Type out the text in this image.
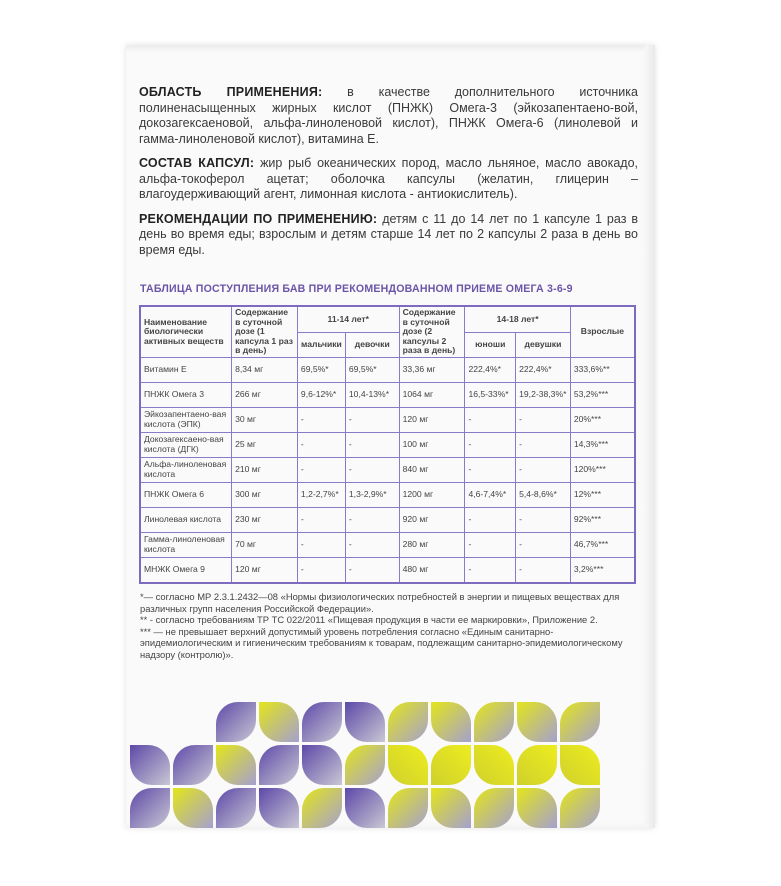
ОБЛАСТЬ ПРИМЕНЕНИЯ: в качестве дополнительного источника полиненасыщенных жирных кислот (ПНЖК) Омега-3 (эйкозапентаено-вой, докозагексаеновой, альфа-линоленовой кислот), ПНЖК Омега-6 (линолевой и гамма-линоленовой кислот), витамина Е.

СОСТАВ КАПСУЛ: жир рыб океанических пород, масло льняное, масло авокадо, альфа-токоферол ацетат; оболочка капсулы (желатин, глицерин – влагоудерживающий агент, лимонная кислота - антиокислитель).

РЕКОМЕНДАЦИИ ПО ПРИМЕНЕНИЮ: детям с 11 до 14 лет по 1 капсуле 1 раз в день во время еды; взрослым и детям старше 14 лет по 2 капсулы 2 раза в день во время еды.

ТАБЛИЦА ПОСТУПЛЕНИЯ БАВ ПРИ РЕКОМЕНДОВАННОМ ПРИЕМЕ ОМЕГА 3-6-9
Наименование биологически активных веществ	Содержание в суточной дозе (1 капсула 1 раз в день)	11-14 лет*		Содержание в суточной дозе (2 капсулы 2 раза в день)	14-18 лет*		Взрослые
		мальчики	девочки		юноши	девушки	
Витамин Е	8,34 мг	69,5%*	69,5%*	33,36 мг	222,4%*	222,4%*	333,6%**
ПНЖК Омега 3	266 мг	9,6-12%*	10,4-13%*	1064 мг	16,5-33%*	19,2-38,3%*	53,2%***
Эйкозапентаено-вая кислота (ЭПК)	30 мг	-	-	120 мг	-	-	20%***
Докозагексаено-вая кислота (ДГК)	25 мг	-	-	100 мг	-	-	14,3%***
Альфа-линоленовая кислота	210 мг	-	-	840 мг	-	-	120%***
ПНЖК Омега 6	300 мг	1,2-2,7%*	1,3-2,9%*	1200 мг	4,6-7,4%*	5,4-8,6%*	12%***
Линолевая кислота	230 мг	-	-	920 мг	-	-	92%***
Гамма-линоленовая кислота	70 мг	-	-	280 мг	-	-	46,7%***
МНЖК Омега 9	120 мг	-	-	480 мг	-	-	3,2%***

*— согласно МР 2.3.1.2432—08 «Нормы физиологических потребностей в энергии и пищевых веществах для различных групп населения Российской Федерации».

** - согласно требованиям ТР ТС 022/2011 «Пищевая продукция в части ее маркировки», Приложение 2.

*** — не превышает верхний допустимый уровень потребления согласно «Единым санитарно-эпидемиологическим и гигиеническим требованиям к товарам, подлежащим санитарно-эпидемиологическому надзору (контролю)».
